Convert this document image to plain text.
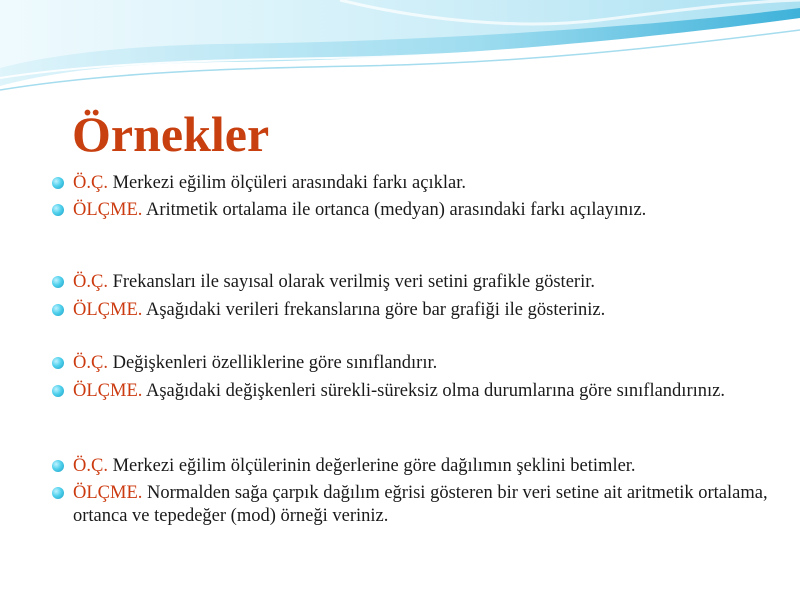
Örnekler
Ö.Ç. Merkezi eğilim ölçüleri arasındaki farkı açıklar.
ÖLÇME. Aritmetik ortalama ile ortanca (medyan) arasındaki farkı açılayınız.
Ö.Ç. Frekansları ile sayısal olarak verilmiş veri setini grafikle gösterir.
ÖLÇME. Aşağıdaki verileri frekanslarına göre bar grafiği ile gösteriniz.
Ö.Ç. Değişkenleri özelliklerine göre sınıflandırır.
ÖLÇME. Aşağıdaki değişkenleri sürekli-süreksiz olma durumlarına göre sınıflandırınız.
Ö.Ç. Merkezi eğilim ölçülerinin değerlerine göre dağılımın şeklini betimler.
ÖLÇME. Normalden sağa çarpık dağılım eğrisi gösteren bir veri setine ait aritmetik ortalama, ortanca ve tepedeğer (mod) örneği veriniz.
